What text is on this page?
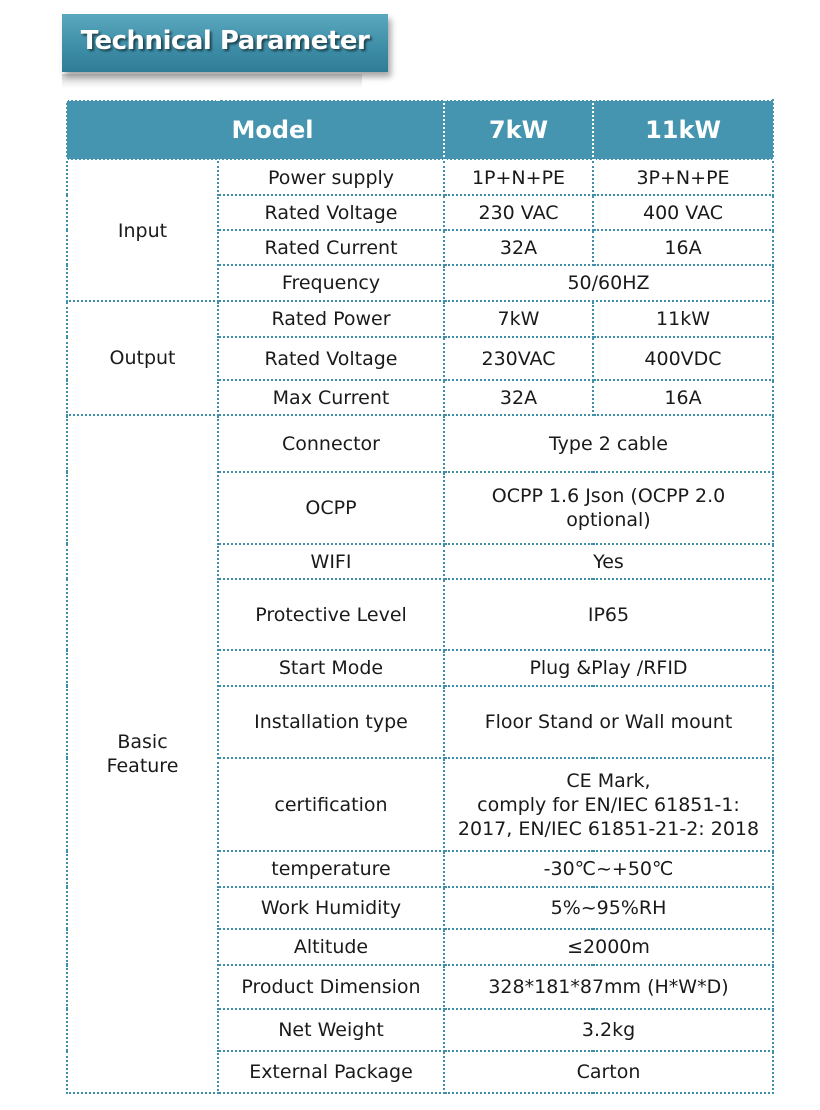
Technical Parameter
Model		7kW	11kW
Input	Power supply	1P+N+PE	3P+N+PE
	Rated Voltage	230 VAC	400 VAC
	Rated Current	32A	16A
	Frequency	50/60HZ	
Output	Rated Power	7kW	11kW
	Rated Voltage	230VAC	400VDC
	Max Current	32A	16A

Basic Feature	Connector	Type 2 cable	
	OCPP	OCPP 1.6 Json (OCPP 2.0 optional)	

	WIFI	Yes	
	Protective Level	IP65	
	Start Mode	Plug &Play /RFID	
	Installation type	Floor Stand or Wall mount	
	certification	CE Mark,
comply for EN/IEC 61851-1:
2017, EN/IEC 61851-21-2: 2018	

	temperature	-30℃~+50℃	
	Work Humidity	5%~95%RH	
	Altitude	≤2000m	
	Product Dimension	328*181*87mm (H*W*D)	
	Net Weight	3.2kg	
	External Package	Carton	
